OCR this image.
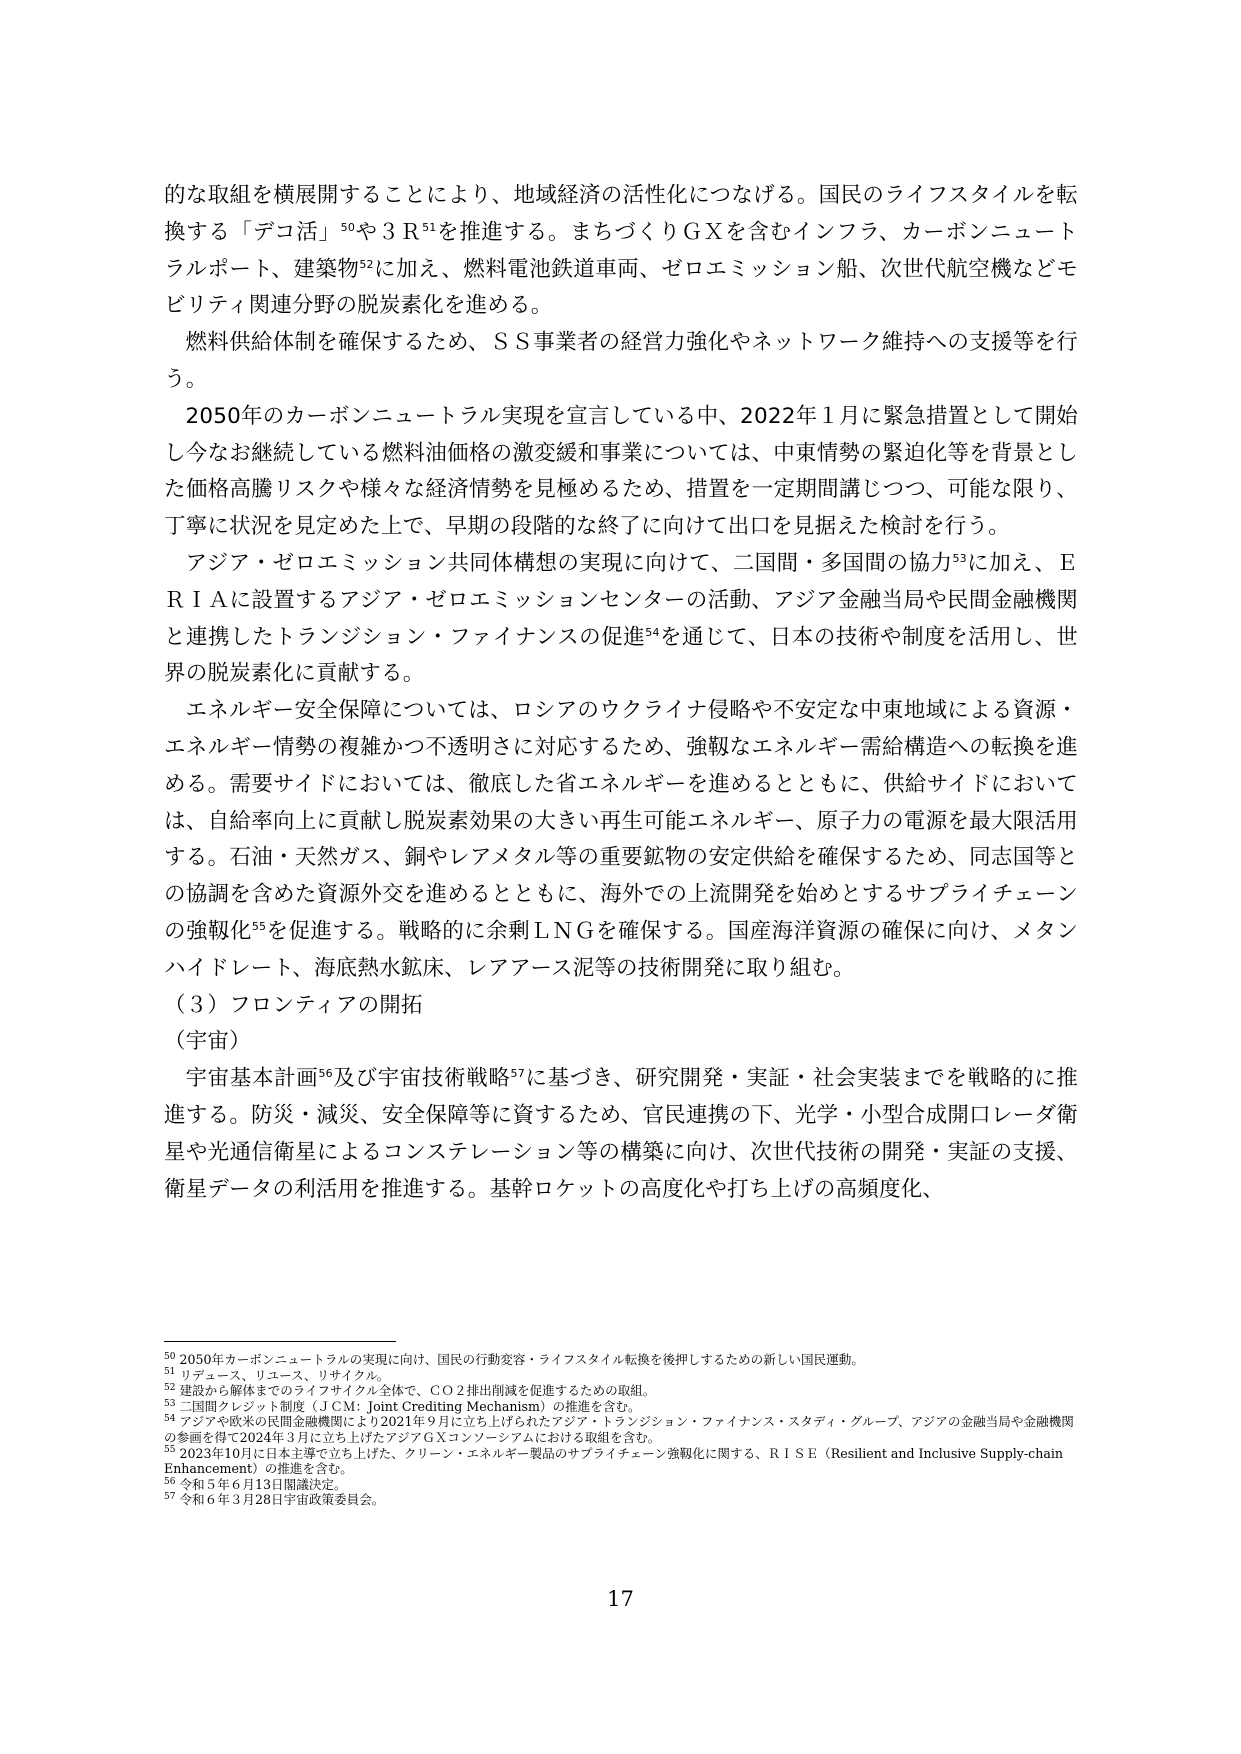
的な取組を横展開することにより、地域経済の活性化につなげる。国民のライフスタイルを転換する「デコ活」$^{50}$や３Ｒ$^{51}$を推進する。まちづくりＧＸを含むインフラ、カーボンニュートラルポート、建築物$^{52}$に加え、燃料電池鉄道車両、ゼロエミッション船、次世代航空機などモビリティ関連分野の脱炭素化を進める。

燃料供給体制を確保するため、ＳＳ事業者の経営力強化やネットワーク維持への支援等を行う。

2050年のカーボンニュートラル実現を宣言している中、2022年１月に緊急措置として開始し今なお継続している燃料油価格の激変緩和事業については、中東情勢の緊迫化等を背景とした価格高騰リスクや様々な経済情勢を見極めるため、措置を一定期間講じつつ、可能な限り、丁寧に状況を見定めた上で、早期の段階的な終了に向けて出口を見据えた検討を行う。

アジア・ゼロエミッション共同体構想の実現に向けて、二国間・多国間の協力$^{53}$に加え、ＥＲＩＡに設置するアジア・ゼロエミッションセンターの活動、アジア金融当局や民間金融機関と連携したトランジション・ファイナンスの促進$^{54}$を通じて、日本の技術や制度を活用し、世界の脱炭素化に貢献する。

エネルギー安全保障については、ロシアのウクライナ侵略や不安定な中東地域による資源・エネルギー情勢の複雑かつ不透明さに対応するため、強靱なエネルギー需給構造への転換を進める。需要サイドにおいては、徹底した省エネルギーを進めるとともに、供給サイドにおいては、自給率向上に貢献し脱炭素効果の大きい再生可能エネルギー、原子力の電源を最大限活用する。石油・天然ガス、銅やレアメタル等の重要鉱物の安定供給を確保するため、同志国等との協調を含めた資源外交を進めるとともに、海外での上流開発を始めとするサプライチェーンの強靱化$^{55}$を促進する。戦略的に余剰ＬＮＧを確保する。国産海洋資源の確保に向け、メタンハイドレート、海底熱水鉱床、レアアース泥等の技術開発に取り組む。

（３）フロンティアの開拓

（宇宙）

宇宙基本計画$^{56}$及び宇宙技術戦略$^{57}$に基づき、研究開発・実証・社会実装までを戦略的に推進する。防災・減災、安全保障等に資するため、官民連携の下、光学・小型合成開口レーダ衛星や光通信衛星によるコンステレーション等の構築に向け、次世代技術の開発・実証の支援、衛星データの利活用を推進する。基幹ロケットの高度化や打ち上げの高頻度化、

$^{50}$ 2050年カーボンニュートラルの実現に向け、国民の行動変容・ライフスタイル転換を後押しするための新しい国民運動。

$^{51}$ リデュース、リユース、リサイクル。

$^{52}$ 建設から解体までのライフサイクル全体で、ＣＯ２排出削減を促進するための取組。

$^{53}$ 二国間クレジット制度（ＪＣＭ：Joint Crediting Mechanism）の推進を含む。

$^{54}$ アジアや欧米の民間金融機関により2021年９月に立ち上げられたアジア・トランジション・ファイナンス・スタディ・グループ、アジアの金融当局や金融機関の参画を得て2024年３月に立ち上げたアジアＧＸコンソーシアムにおける取組を含む。

$^{55}$ 2023年10月に日本主導で立ち上げた、クリーン・エネルギー製品のサプライチェーン強靱化に関する、ＲＩＳＥ（Resilient and Inclusive Supply-chain Enhancement）の推進を含む。

$^{56}$ 令和５年６月13日閣議決定。

$^{57}$ 令和６年３月28日宇宙政策委員会。

17
